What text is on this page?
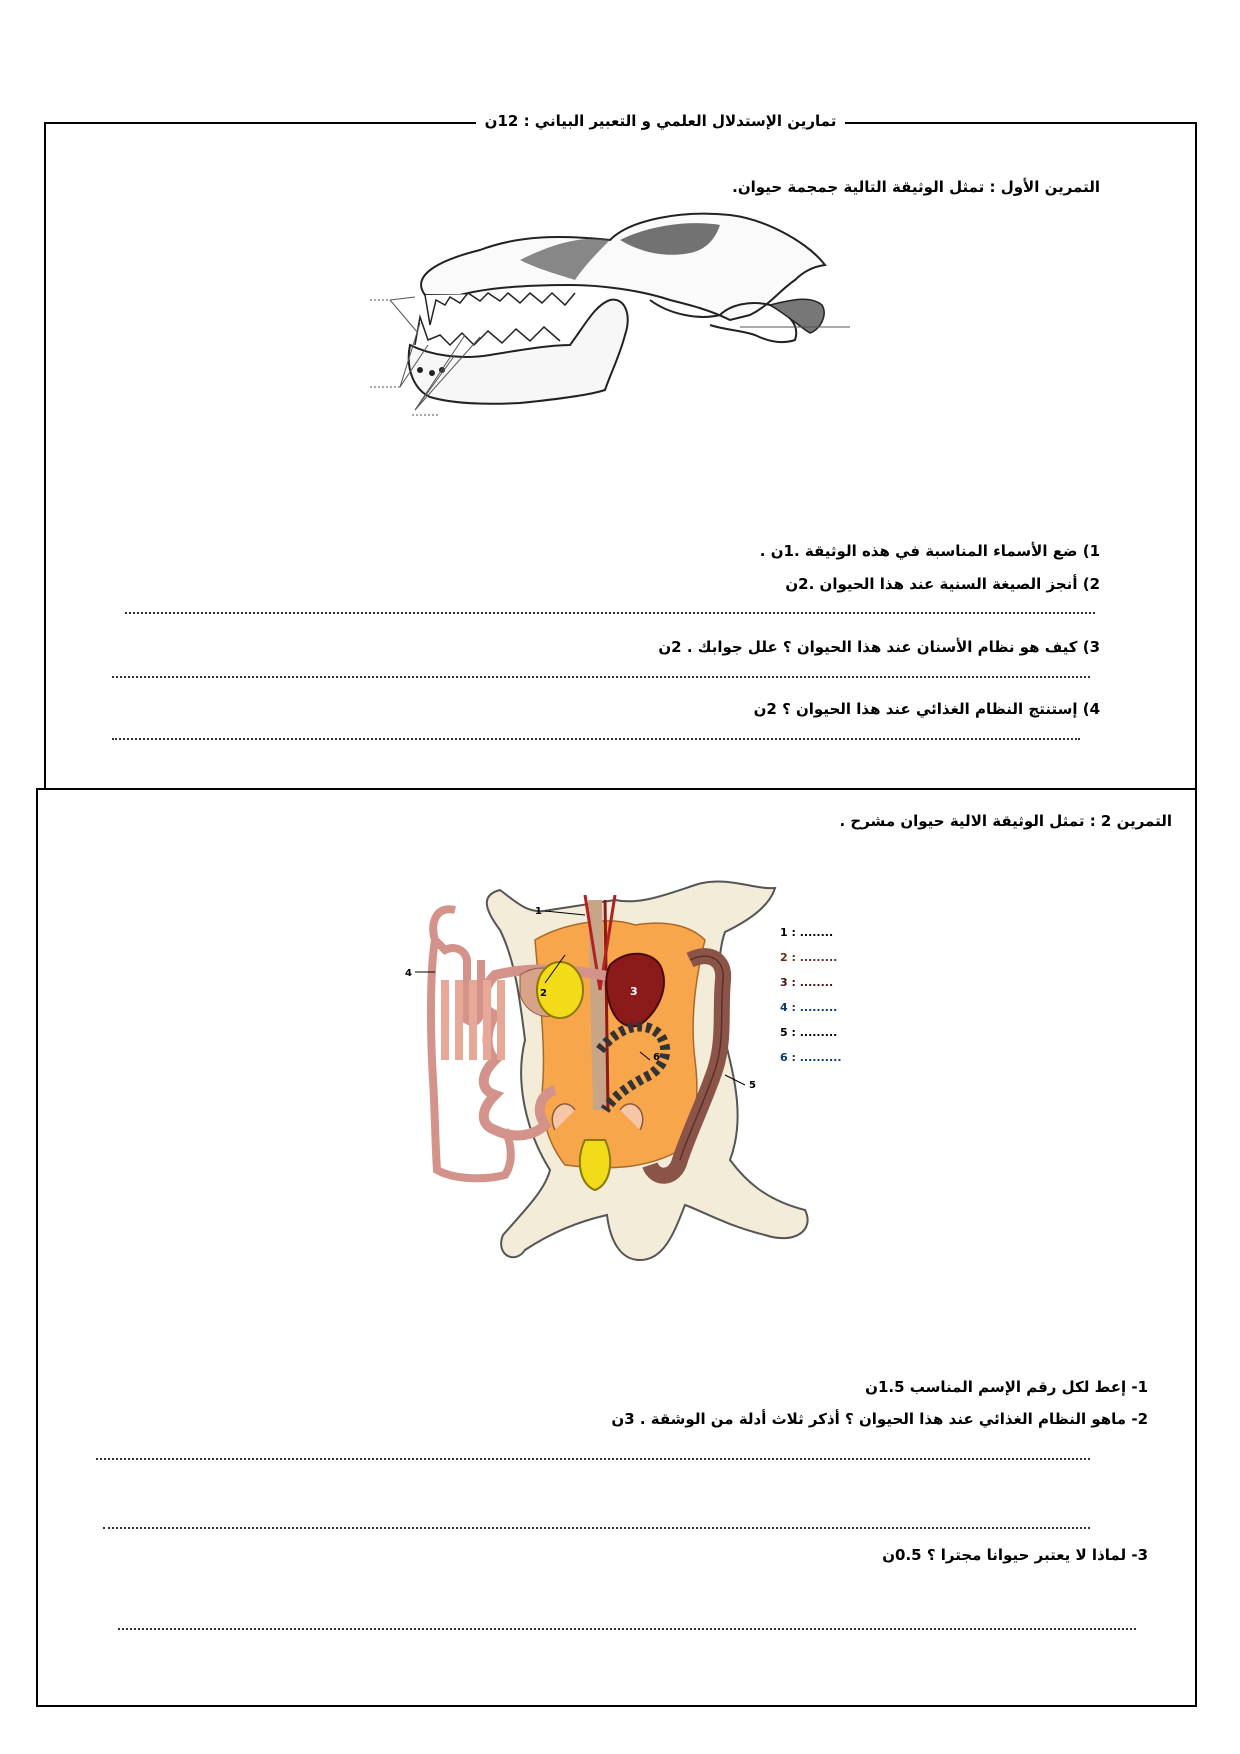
تمارين الإستدلال العلمي و التعبير البياني : 12ن
التمرين الأول : تمثل الوثيقة التالية جمجمة حيوان.
1) ضع الأسماء المناسبة في هذه الوثيقة .1ن .
2) أنجز الصيغة السنية عند هذا الحيوان .2ن
3) كيف هو نظام الأسنان عند هذا الحيوان ؟ علل جوابك . 2ن
4) إستنتج النظام الغذائي عند هذا الحيوان ؟ 2ن
التمرين 2 : تمثل الوثيقة الالية حيوان مشرح .
3
1
2
4
5
6
1 : ........
2 : .........
3 : ........
4 : .........
5 : .........
6 : ..........
1- إعط لكل رقم الإسم المناسب 1.5ن
2- ماهو النظام الغذائي عند هذا الحيوان ؟ أذكر ثلاث أدلة من الوشقة . 3ن
3- لماذا لا يعتبر حيوانا مجترا ؟ 0.5ن
